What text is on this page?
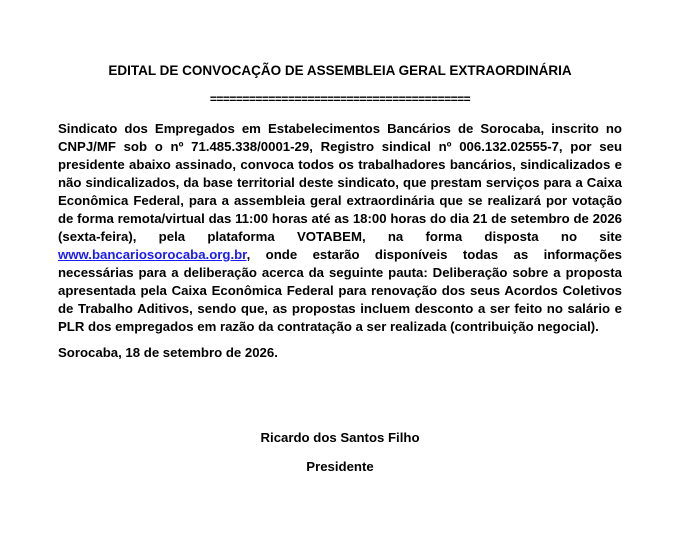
EDITAL DE CONVOCAÇÃO DE ASSEMBLEIA GERAL EXTRAORDINÁRIA
========================================
Sindicato dos Empregados em Estabelecimentos Bancários de Sorocaba, inscrito no CNPJ/MF sob o nº 71.485.338/0001-29, Registro sindical nº 006.132.02555-7, por seu presidente abaixo assinado, convoca todos os trabalhadores bancários, sindicalizados e não sindicalizados, da base territorial deste sindicato, que prestam serviços para a Caixa Econômica Federal, para a assembleia geral extraordinária que se realizará por votação de forma remota/virtual das 11:00 horas até as 18:00 horas do dia 21 de setembro de 2026 (sexta-feira), pela plataforma VOTABEM, na forma disposta no site www.bancariosorocaba.org.br, onde estarão disponíveis todas as informações necessárias para a deliberação acerca da seguinte pauta: Deliberação sobre a proposta apresentada pela Caixa Econômica Federal para renovação dos seus Acordos Coletivos de Trabalho Aditivos, sendo que, as propostas incluem desconto a ser feito no salário e PLR dos empregados em razão da contratação a ser realizada (contribuição negocial).
Sorocaba, 18 de setembro de 2026.
Ricardo dos Santos Filho
Presidente
